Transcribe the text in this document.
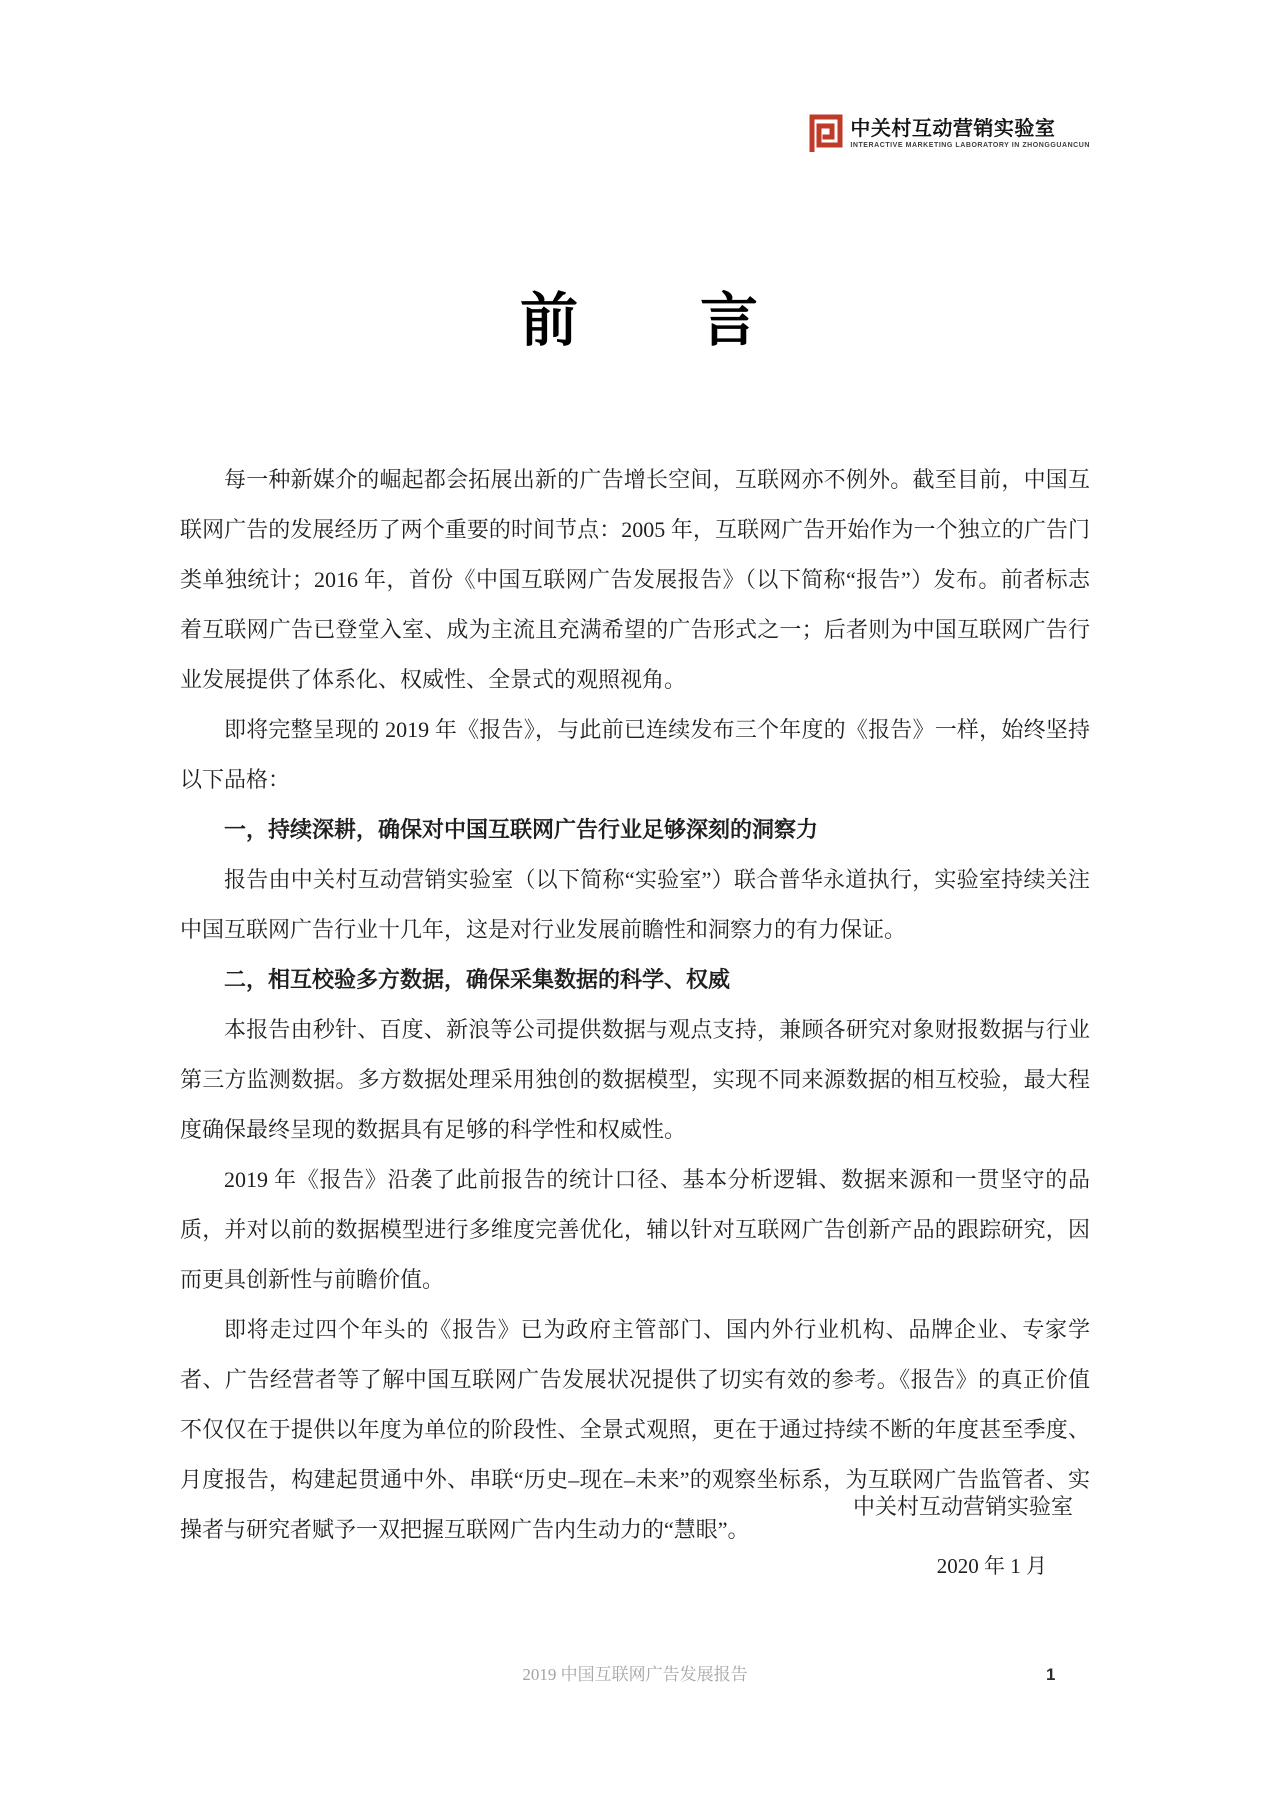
中关村互动营销实验室
INTERACTIVE MARKETING LABORATORY IN ZHONGGUANCUN
前　　言

每一种新媒介的崛起都会拓展出新的广告增长空间，互联网亦不例外。截至目前，中国互联网广告的发展经历了两个重要的时间节点：2005 年，互联网广告开始作为一个独立的广告门类单独统计；2016 年，首份《中国互联网广告发展报告》（以下简称“报告”）发布。前者标志着互联网广告已登堂入室、成为主流且充满希望的广告形式之一；后者则为中国互联网广告行业发展提供了体系化、权威性、全景式的观照视角。

即将完整呈现的 2019 年《报告》，与此前已连续发布三个年度的《报告》一样，始终坚持以下品格：

一，持续深耕，确保对中国互联网广告行业足够深刻的洞察力

报告由中关村互动营销实验室（以下简称“实验室”）联合普华永道执行，实验室持续关注中国互联网广告行业十几年，这是对行业发展前瞻性和洞察力的有力保证。

二，相互校验多方数据，确保采集数据的科学、权威

本报告由秒针、百度、新浪等公司提供数据与观点支持，兼顾各研究对象财报数据与行业第三方监测数据。多方数据处理采用独创的数据模型，实现不同来源数据的相互校验，最大程度确保最终呈现的数据具有足够的科学性和权威性。

2019 年《报告》沿袭了此前报告的统计口径、基本分析逻辑、数据来源和一贯坚守的品质，并对以前的数据模型进行多维度完善优化，辅以针对互联网广告创新产品的跟踪研究，因而更具创新性与前瞻价值。

即将走过四个年头的《报告》已为政府主管部门、国内外行业机构、品牌企业、专家学者、广告经营者等了解中国互联网广告发展状况提供了切实有效的参考。《报告》的真正价值不仅仅在于提供以年度为单位的阶段性、全景式观照，更在于通过持续不断的年度甚至季度、月度报告，构建起贯通中外、串联“历史–现在–未来”的观察坐标系，为互联网广告监管者、实操者与研究者赋予一双把握互联网广告内生动力的“慧眼”。

中关村互动营销实验室
2020 年 1 月
2019 中国互联网广告发展报告	1
